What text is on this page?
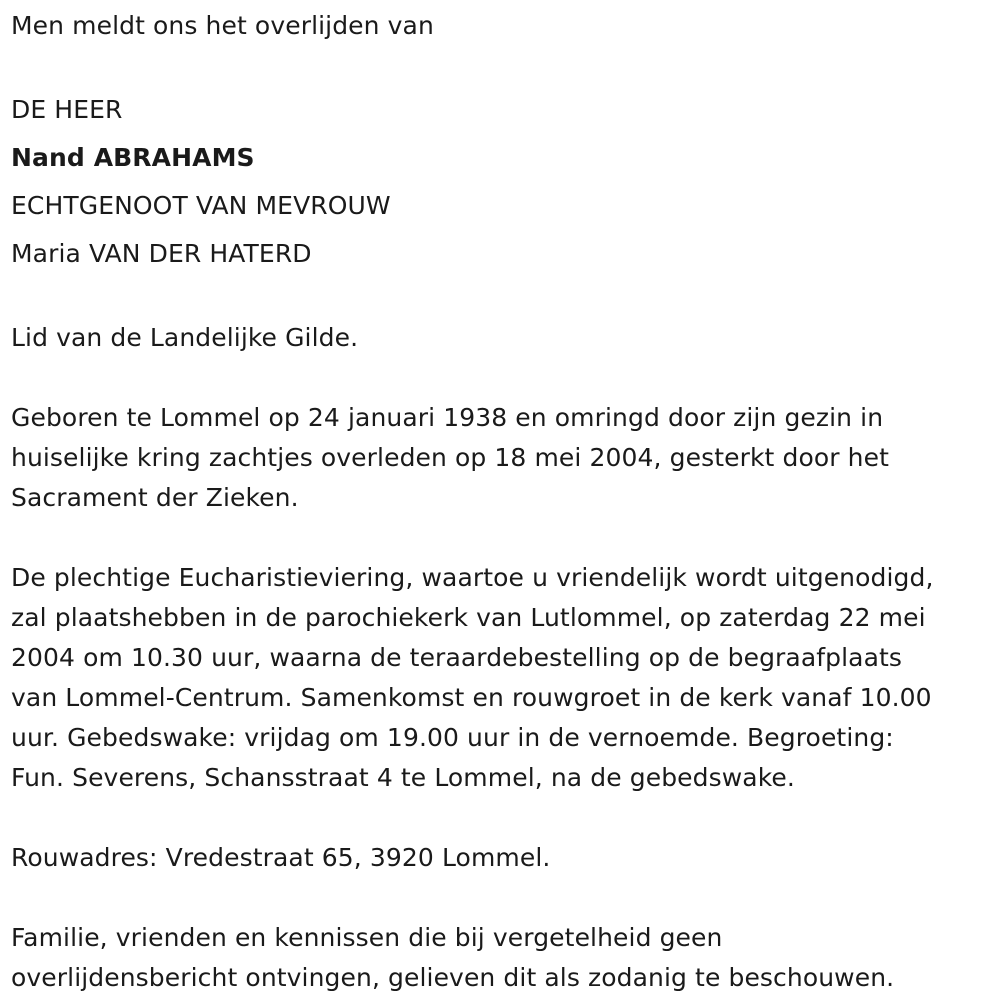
Men meldt ons het overlijden van
DE HEER
Nand ABRAHAMS
ECHTGENOOT VAN MEVROUW
Maria VAN DER HATERD
Lid van de Landelijke Gilde.
Geboren te Lommel op 24 januari 1938 en omringd door zijn gezin in
huiselijke kring zachtjes overleden op 18 mei 2004, gesterkt door het
Sacrament der Zieken.
De plechtige Eucharistieviering, waartoe u vriendelijk wordt uitgenodigd,
zal plaatshebben in de parochiekerk van Lutlommel, op zaterdag 22 mei
2004 om 10.30 uur, waarna de teraardebestelling op de begraafplaats
van Lommel-Centrum. Samenkomst en rouwgroet in de kerk vanaf 10.00
uur. Gebedswake: vrijdag om 19.00 uur in de vernoemde. Begroeting:
Fun. Severens, Schansstraat 4 te Lommel, na de gebedswake.
Rouwadres: Vredestraat 65, 3920 Lommel.
Familie, vrienden en kennissen die bij vergetelheid geen
overlijdensbericht ontvingen, gelieven dit als zodanig te beschouwen.
